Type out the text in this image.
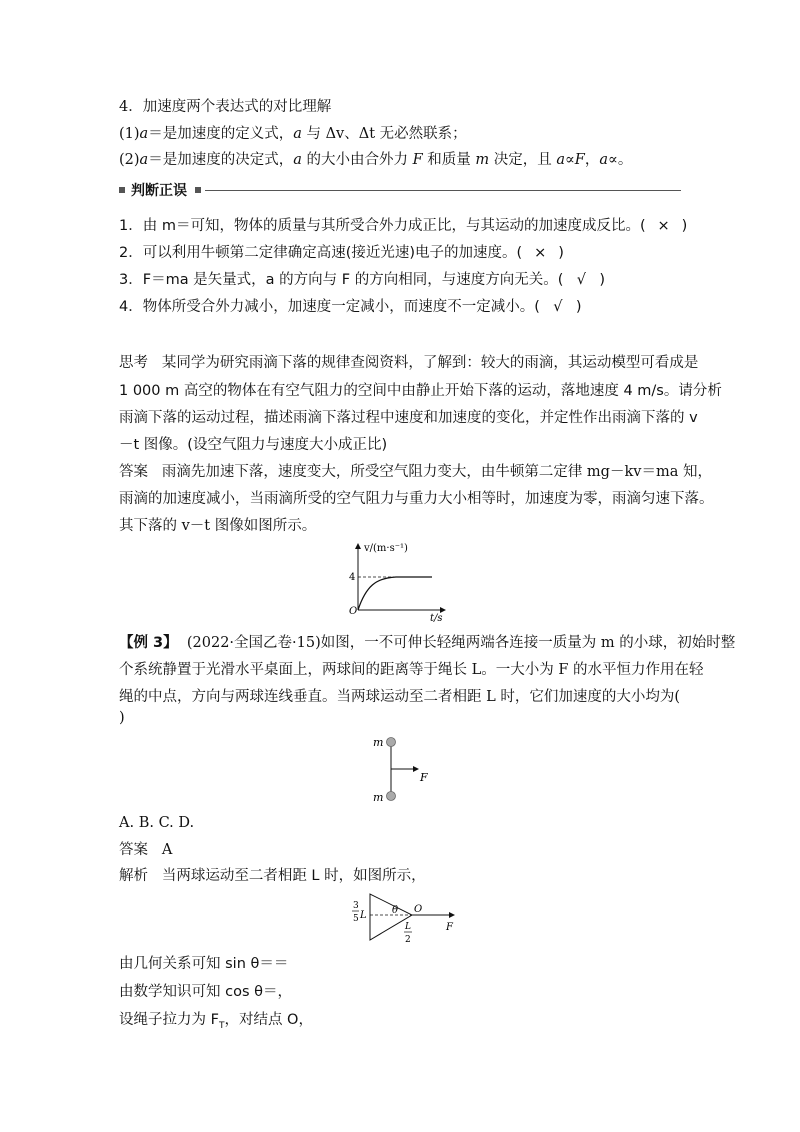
4．加速度两个表达式的对比理解
(1)a＝是加速度的定义式，a 与 Δv、Δt 无必然联系；
(2)a＝是加速度的决定式，a 的大小由合外力 F 和质量 m 决定，且 a∝F，a∝。
判断正误
1．由 m＝可知，物体的质量与其所受合外力成正比，与其运动的加速度成反比。( × )
2．可以利用牛顿第二定律确定高速(接近光速)电子的加速度。( × )
3．F＝ma 是矢量式，a 的方向与 F 的方向相同，与速度方向无关。( √ )
4．物体所受合外力减小，加速度一定减小，而速度不一定减小。( √ )
思考 某同学为研究雨滴下落的规律查阅资料，了解到：较大的雨滴，其运动模型可看成是
1 000 m 高空的物体在有空气阻力的空间中由静止开始下落的运动，落地速度 4 m/s。请分析
雨滴下落的运动过程，描述雨滴下落过程中速度和加速度的变化，并定性作出雨滴下落的 v
－t 图像。(设空气阻力与速度大小成正比)
答案 雨滴先加速下落，速度变大，所受空气阻力变大，由牛顿第二定律 mg－kv＝ma 知，
雨滴的加速度减小，当雨滴所受的空气阻力与重力大小相等时，加速度为零，雨滴匀速下落。
其下落的 v－t 图像如图所示。
v/(m·s⁻¹)
t/s
O
4
【例 3】 (2022·全国乙卷·15)如图，一不可伸长轻绳两端各连接一质量为 m 的小球，初始时整
个系统静置于光滑水平桌面上，两球间的距离等于绳长 L。一大小为 F 的水平恒力作用在轻
绳的中点，方向与两球连线垂直。当两球运动至二者相距 L 时，它们加速度的大小均为(
)
m
m
F
A. B. C. D.
答案 A
解析 当两球运动至二者相距 L 时，如图所示，
3
5 L	θ O
L
2
F
由几何关系可知 sin θ＝＝
由数学知识可知 cos θ＝，
设绳子拉力为 $F_T$，对结点 O，
